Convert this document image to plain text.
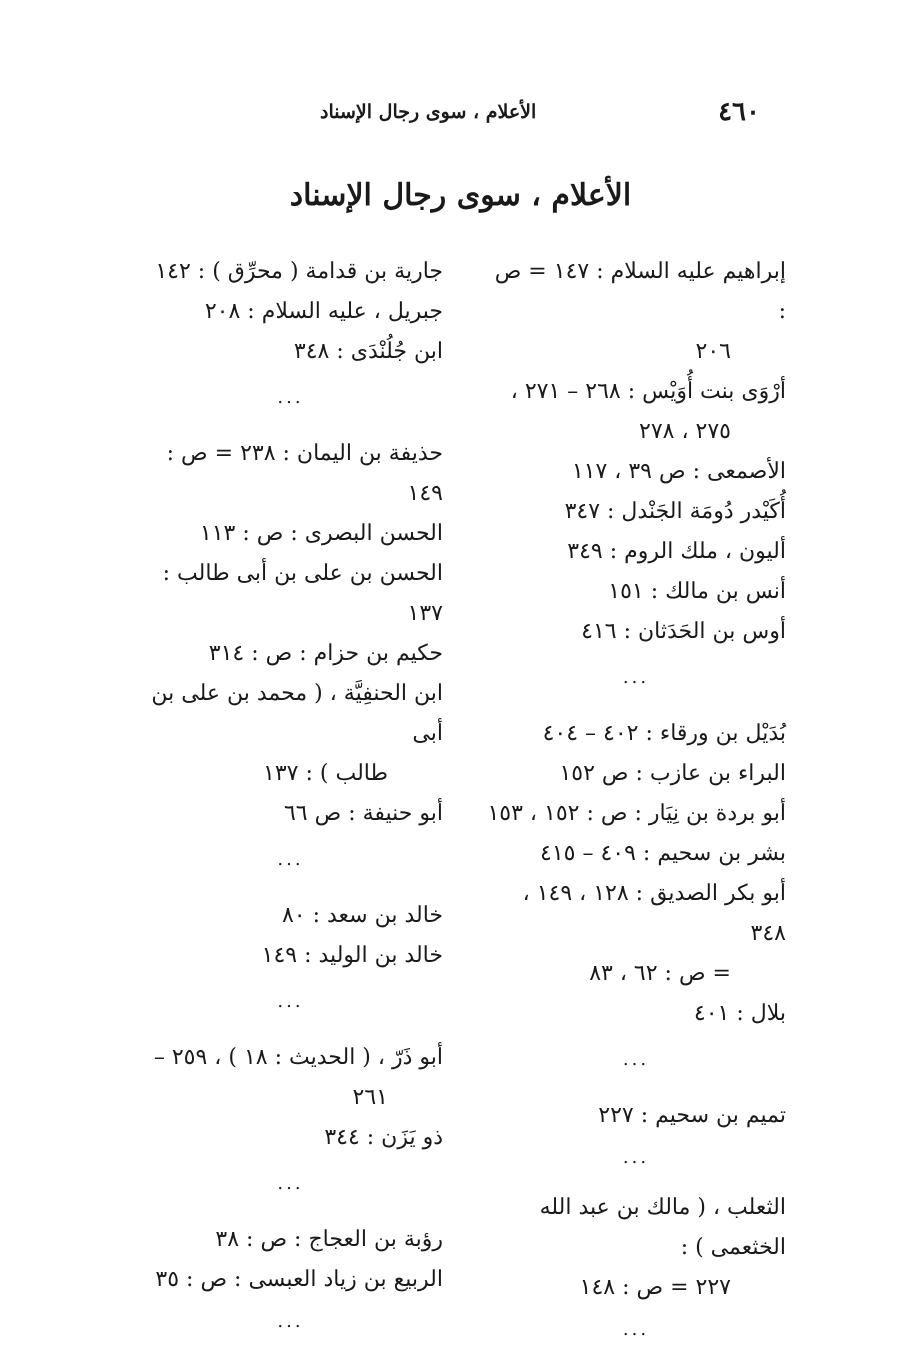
٤٦٠
الأعلام ، سوى رجال الإسناد
الأعلام ، سوى رجال الإسناد
إبراهيم عليه السلام : ١٤٧ = ص :
٢٠٦
أرْوَى بنت أُوَيْس : ٢٦٨ – ٢٧١ ،
٢٧٥ ، ٢٧٨
الأصمعى : ص ٣٩ ، ١١٧
أُكَيْدر دُومَة الجَنْدل : ٣٤٧
أليون ، ملك الروم : ٣٤٩
أنس بن مالك : ١٥١
أوس بن الحَدَثان : ٤١٦
...
بُدَيْل بن ورقاء : ٤٠٢ – ٤٠٤
البراء بن عازب : ص ١٥٢
أبو بردة بن نِيَار : ص : ١٥٢ ، ١٥٣
بشر بن سحيم : ٤٠٩ – ٤١٥
أبو بكر الصديق : ١٢٨ ، ١٤٩ ، ٣٤٨
= ص : ٦٢ ، ٨٣
بلال : ٤٠١
...
تميم بن سحيم : ٢٢٧
...
الثعلب ، ( مالك بن عبد الله الخثعمى ) :
٢٢٧ = ص : ١٤٨
...
جارية بن قدامة ( محرِّق ) : ١٤٢
جبريل ، عليه السلام : ٢٠٨
ابن جُلُنْدَى : ٣٤٨
...
حذيفة بن اليمان : ٢٣٨ = ص : ١٤٩
الحسن البصرى : ص : ١١٣
الحسن بن على بن أبى طالب : ١٣٧
حكيم بن حزام : ص : ٣١٤
ابن الحنفِيَّة ، ( محمد بن على بن أبى
طالب ) : ١٣٧
أبو حنيفة : ص ٦٦
...
خالد بن سعد : ٨٠
خالد بن الوليد : ١٤٩
...
أبو ذَرّ ، ( الحديث : ١٨ ) ، ٢٥٩ –
٢٦١
ذو يَزَن : ٣٤٤
...
رؤبة بن العجاج : ص : ٣٨
الربيع بن زياد العبسى : ص : ٣٥
...
